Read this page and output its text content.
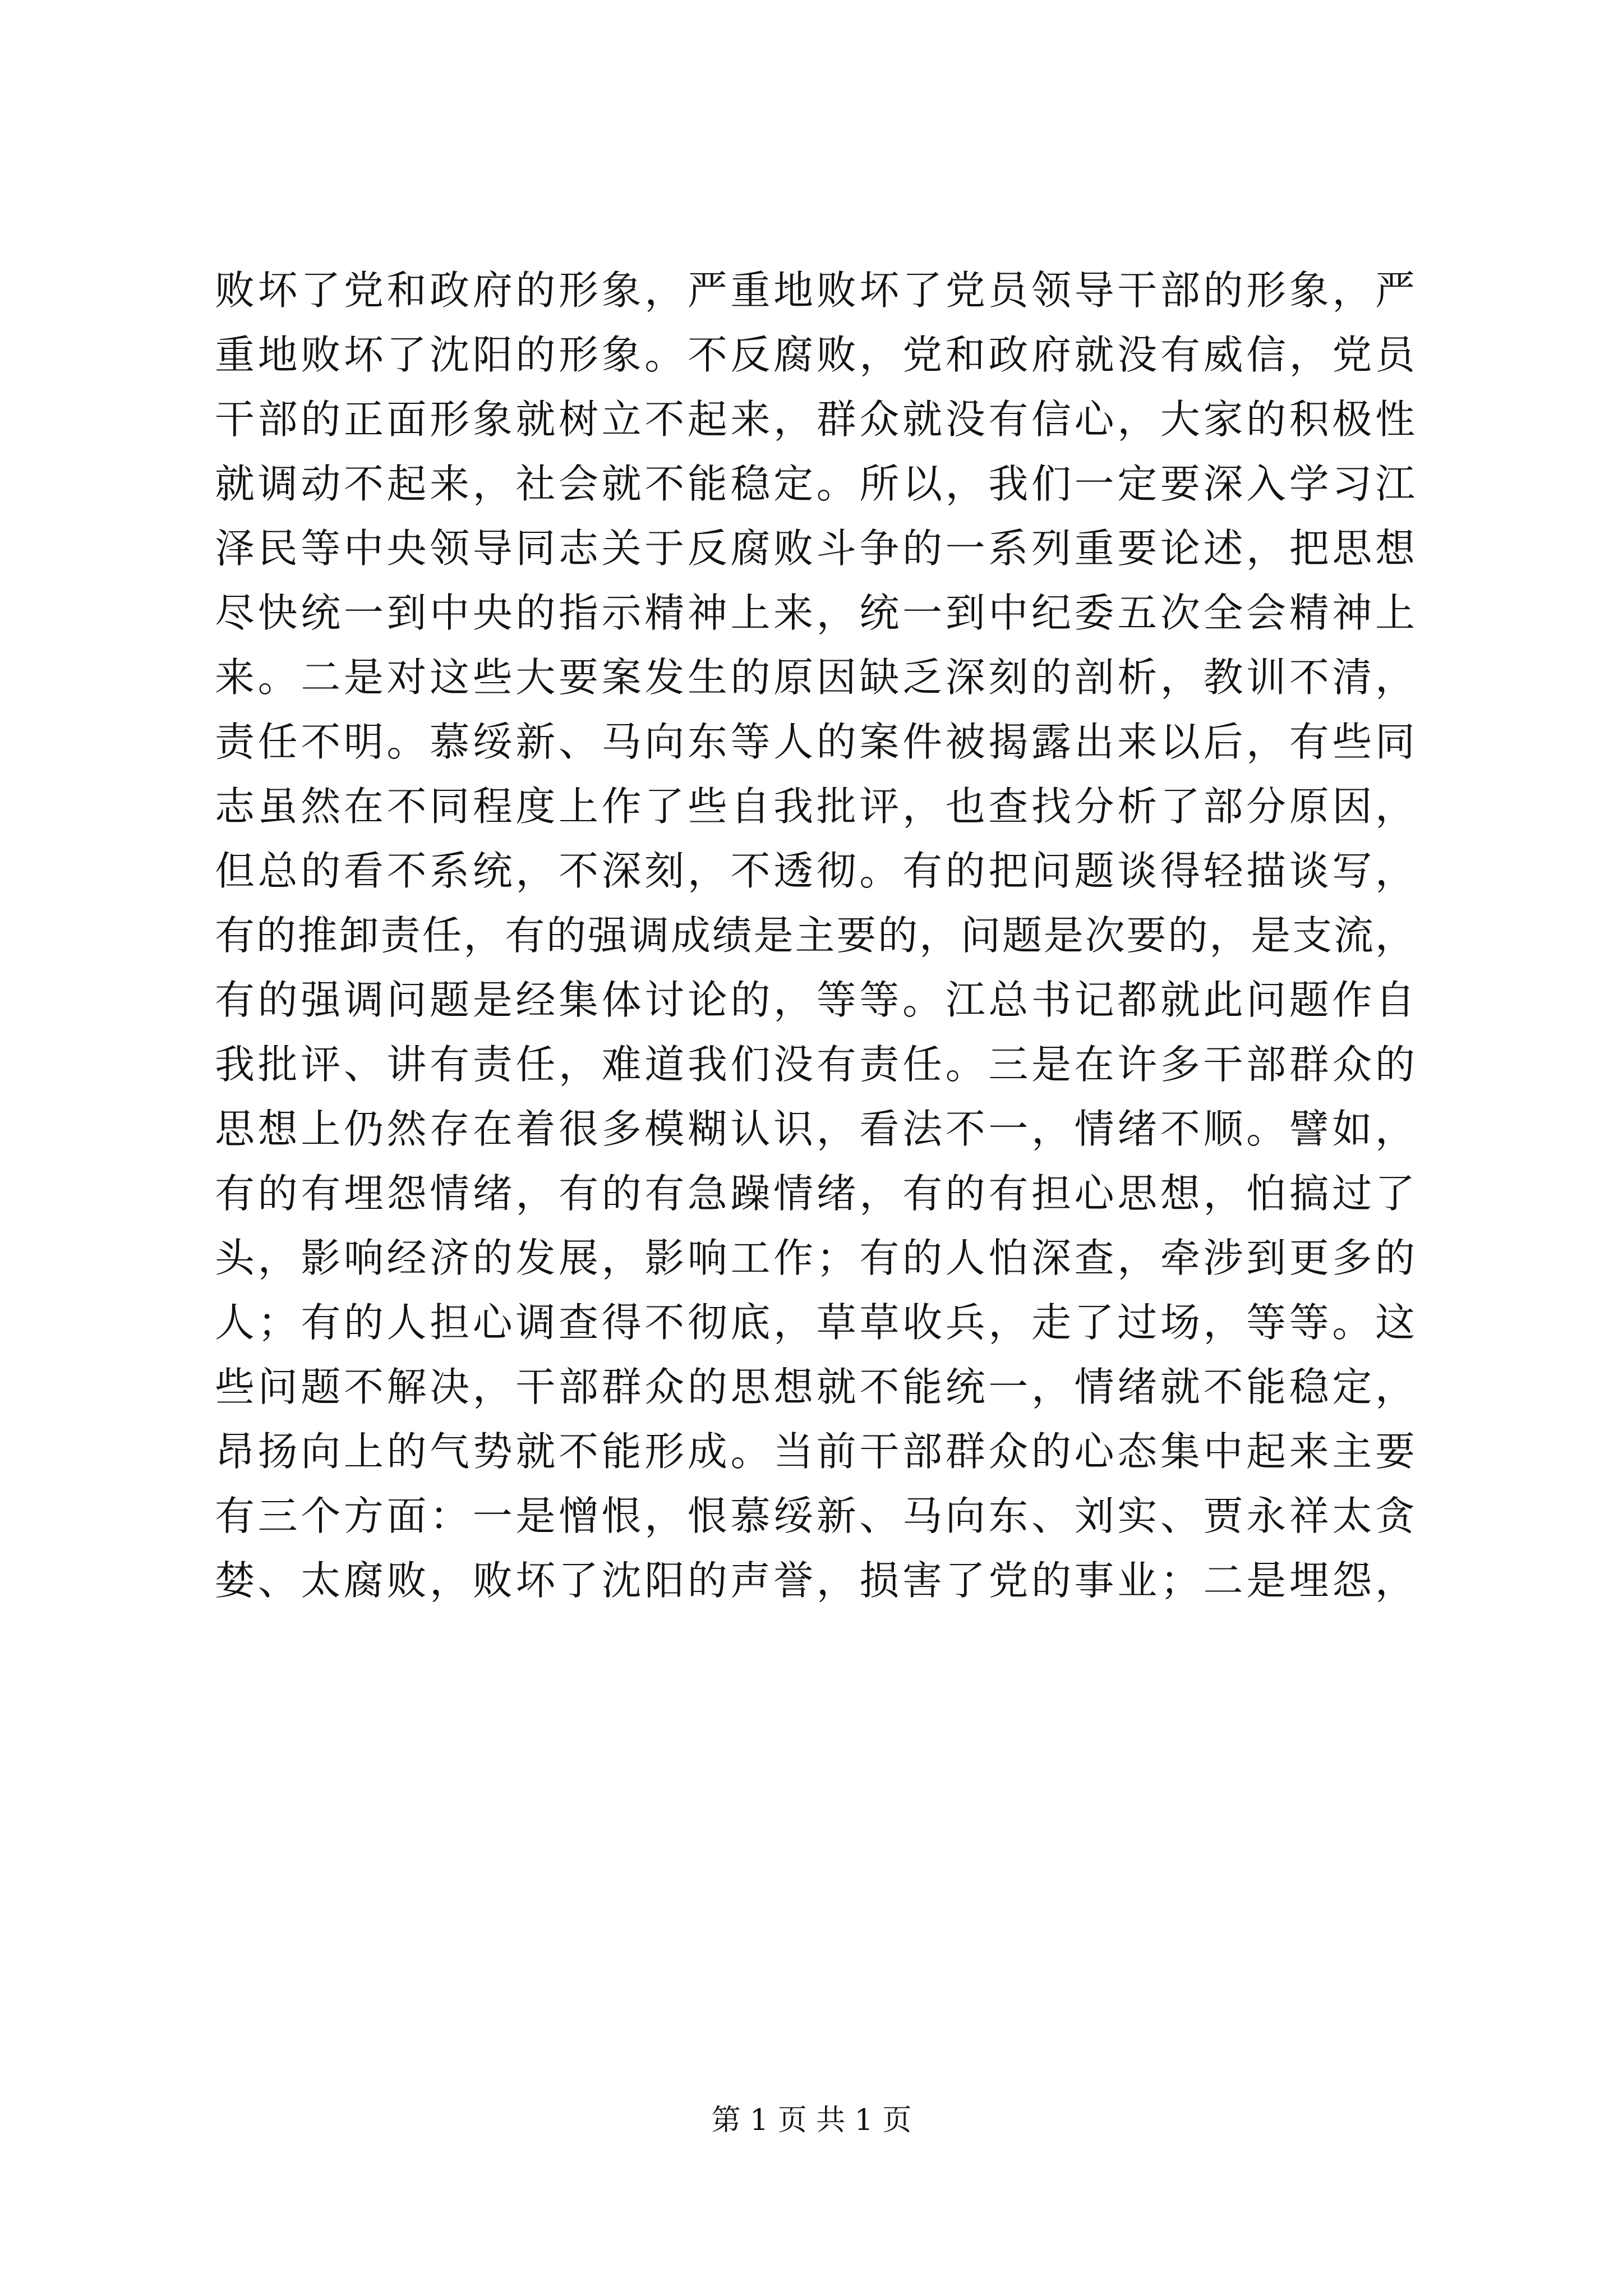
败坏了党和政府的形象，严重地败坏了党员领导干部的形象，严
重地败坏了沈阳的形象。不反腐败，党和政府就没有威信，党员
干部的正面形象就树立不起来，群众就没有信心，大家的积极性
就调动不起来，社会就不能稳定。所以，我们一定要深入学习江
泽民等中央领导同志关于反腐败斗争的一系列重要论述，把思想
尽快统一到中央的指示精神上来，统一到中纪委五次全会精神上
来。二是对这些大要案发生的原因缺乏深刻的剖析，教训不清，
责任不明。慕绥新、马向东等人的案件被揭露出来以后，有些同
志虽然在不同程度上作了些自我批评，也查找分析了部分原因，
但总的看不系统，不深刻，不透彻。有的把问题谈得轻描谈写，
有的推卸责任，有的强调成绩是主要的，问题是次要的，是支流，
有的强调问题是经集体讨论的，等等。江总书记都就此问题作自
我批评、讲有责任，难道我们没有责任。三是在许多干部群众的
思想上仍然存在着很多模糊认识，看法不一，情绪不顺。譬如，
有的有埋怨情绪，有的有急躁情绪，有的有担心思想，怕搞过了
头，影响经济的发展，影响工作；有的人怕深查，牵涉到更多的
人；有的人担心调查得不彻底，草草收兵，走了过场，等等。这
些问题不解决，干部群众的思想就不能统一，情绪就不能稳定，
昂扬向上的气势就不能形成。当前干部群众的心态集中起来主要
有三个方面：一是憎恨，恨慕绥新、马向东、刘实、贾永祥太贪
婪、太腐败，败坏了沈阳的声誉，损害了党的事业；二是埋怨，
第 1 页 共 1 页
